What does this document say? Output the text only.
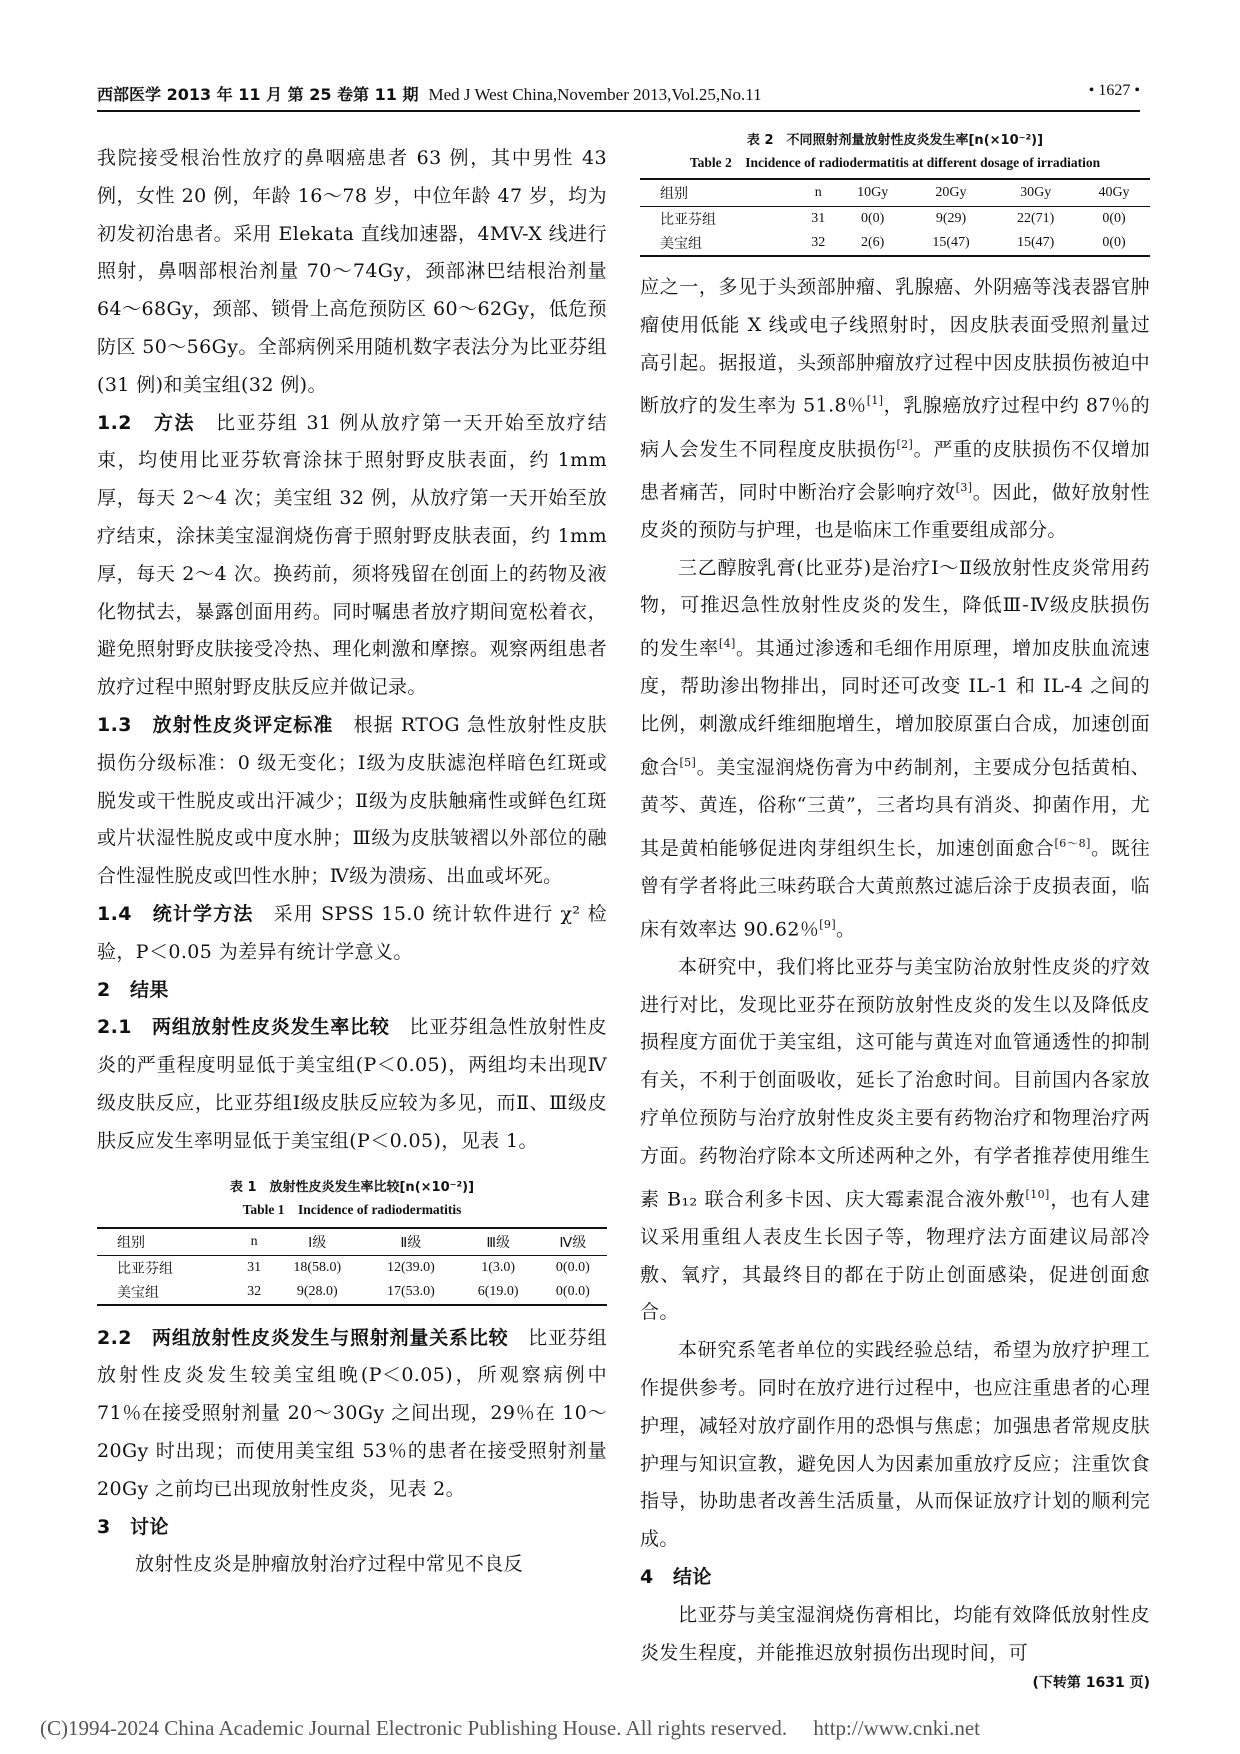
西部医学 2013 年 11 月 第 25 卷第 11 期 Med J West China,November 2013,Vol.25,No.11	• 1627 •

我院接受根治性放疗的鼻咽癌患者 63 例，其中男性 43 例，女性 20 例，年龄 16～78 岁，中位年龄 47 岁，均为初发初治患者。采用 Elekata 直线加速器，4MV-X 线进行照射，鼻咽部根治剂量 70～74Gy，颈部淋巴结根治剂量 64～68Gy，颈部、锁骨上高危预防区 60～62Gy，低危预防区 50～56Gy。全部病例采用随机数字表法分为比亚芬组(31 例)和美宝组(32 例)。

1.2　方法　比亚芬组 31 例从放疗第一天开始至放疗结束，均使用比亚芬软膏涂抹于照射野皮肤表面，约 1mm 厚，每天 2～4 次；美宝组 32 例，从放疗第一天开始至放疗结束，涂抹美宝湿润烧伤膏于照射野皮肤表面，约 1mm 厚，每天 2～4 次。换药前，须将残留在创面上的药物及液化物拭去，暴露创面用药。同时嘱患者放疗期间宽松着衣，避免照射野皮肤接受冷热、理化刺激和摩擦。观察两组患者放疗过程中照射野皮肤反应并做记录。

1.3　放射性皮炎评定标准　根据 RTOG 急性放射性皮肤损伤分级标准：0 级无变化；Ⅰ级为皮肤滤泡样暗色红斑或脱发或干性脱皮或出汗减少；Ⅱ级为皮肤触痛性或鲜色红斑或片状湿性脱皮或中度水肿；Ⅲ级为皮肤皱褶以外部位的融合性湿性脱皮或凹性水肿；Ⅳ级为溃疡、出血或坏死。

1.4　统计学方法　采用 SPSS 15.0 统计软件进行 χ² 检验，P＜0.05 为差异有统计学意义。

2　结果

2.1　两组放射性皮炎发生率比较　比亚芬组急性放射性皮炎的严重程度明显低于美宝组(P＜0.05)，两组均未出现Ⅳ级皮肤反应，比亚芬组Ⅰ级皮肤反应较为多见，而Ⅱ、Ⅲ级皮肤反应发生率明显低于美宝组(P＜0.05)，见表 1。

表 1　放射性皮炎发生率比较[n(×10⁻²)]

Table 1　Incidence of radiodermatitis

组别	n	Ⅰ级	Ⅱ级	Ⅲ级	Ⅳ级
比亚芬组	31	18(58.0)	12(39.0)	1(3.0)	0(0.0)
美宝组	32	9(28.0)	17(53.0)	6(19.0)	0(0.0)

2.2　两组放射性皮炎发生与照射剂量关系比较　比亚芬组放射性皮炎发生较美宝组晚(P＜0.05)，所观察病例中 71％在接受照射剂量 20～30Gy 之间出现，29％在 10～20Gy 时出现；而使用美宝组 53％的患者在接受照射剂量 20Gy 之前均已出现放射性皮炎，见表 2。

3　讨论

放射性皮炎是肿瘤放射治疗过程中常见不良反

表 2　不同照射剂量放射性皮炎发生率[n(×10⁻²)]

Table 2　Incidence of radiodermatitis at different dosage of irradiation

组别	n	10Gy	20Gy	30Gy	40Gy
比亚芬组	31	0(0)	9(29)	22(71)	0(0)
美宝组	32	2(6)	15(47)	15(47)	0(0)

应之一，多见于头颈部肿瘤、乳腺癌、外阴癌等浅表器官肿瘤使用低能 X 线或电子线照射时，因皮肤表面受照剂量过高引起。据报道，头颈部肿瘤放疗过程中因皮肤损伤被迫中断放疗的发生率为 51.8％[1]，乳腺癌放疗过程中约 87％的病人会发生不同程度皮肤损伤[2]。严重的皮肤损伤不仅增加患者痛苦，同时中断治疗会影响疗效[3]。因此，做好放射性皮炎的预防与护理，也是临床工作重要组成部分。

三乙醇胺乳膏(比亚芬)是治疗Ⅰ～Ⅱ级放射性皮炎常用药物，可推迟急性放射性皮炎的发生，降低Ⅲ-Ⅳ级皮肤损伤的发生率[4]。其通过渗透和毛细作用原理，增加皮肤血流速度，帮助渗出物排出，同时还可改变 IL-1 和 IL-4 之间的比例，刺激成纤维细胞增生，增加胶原蛋白合成，加速创面愈合[5]。美宝湿润烧伤膏为中药制剂，主要成分包括黄柏、黄芩、黄连，俗称“三黄”，三者均具有消炎、抑菌作用，尤其是黄柏能够促进肉芽组织生长，加速创面愈合[6～8]。既往曾有学者将此三味药联合大黄煎熬过滤后涂于皮损表面，临床有效率达 90.62％[9]。

本研究中，我们将比亚芬与美宝防治放射性皮炎的疗效进行对比，发现比亚芬在预防放射性皮炎的发生以及降低皮损程度方面优于美宝组，这可能与黄连对血管通透性的抑制有关，不利于创面吸收，延长了治愈时间。目前国内各家放疗单位预防与治疗放射性皮炎主要有药物治疗和物理治疗两方面。药物治疗除本文所述两种之外，有学者推荐使用维生素 B₁₂ 联合利多卡因、庆大霉素混合液外敷[10]，也有人建议采用重组人表皮生长因子等，物理疗法方面建议局部冷敷、氧疗，其最终目的都在于防止创面感染，促进创面愈合。

本研究系笔者单位的实践经验总结，希望为放疗护理工作提供参考。同时在放疗进行过程中，也应注重患者的心理护理，减轻对放疗副作用的恐惧与焦虑；加强患者常规皮肤护理与知识宣教，避免因人为因素加重放疗反应；注重饮食指导，协助患者改善生活质量，从而保证放疗计划的顺利完成。

4　结论

比亚芬与美宝湿润烧伤膏相比，均能有效降低放射性皮炎发生程度，并能推迟放射损伤出现时间，可

(下转第 1631 页)

(C)1994-2024 China Academic Journal Electronic Publishing House. All rights reserved.　 http://www.cnki.net
